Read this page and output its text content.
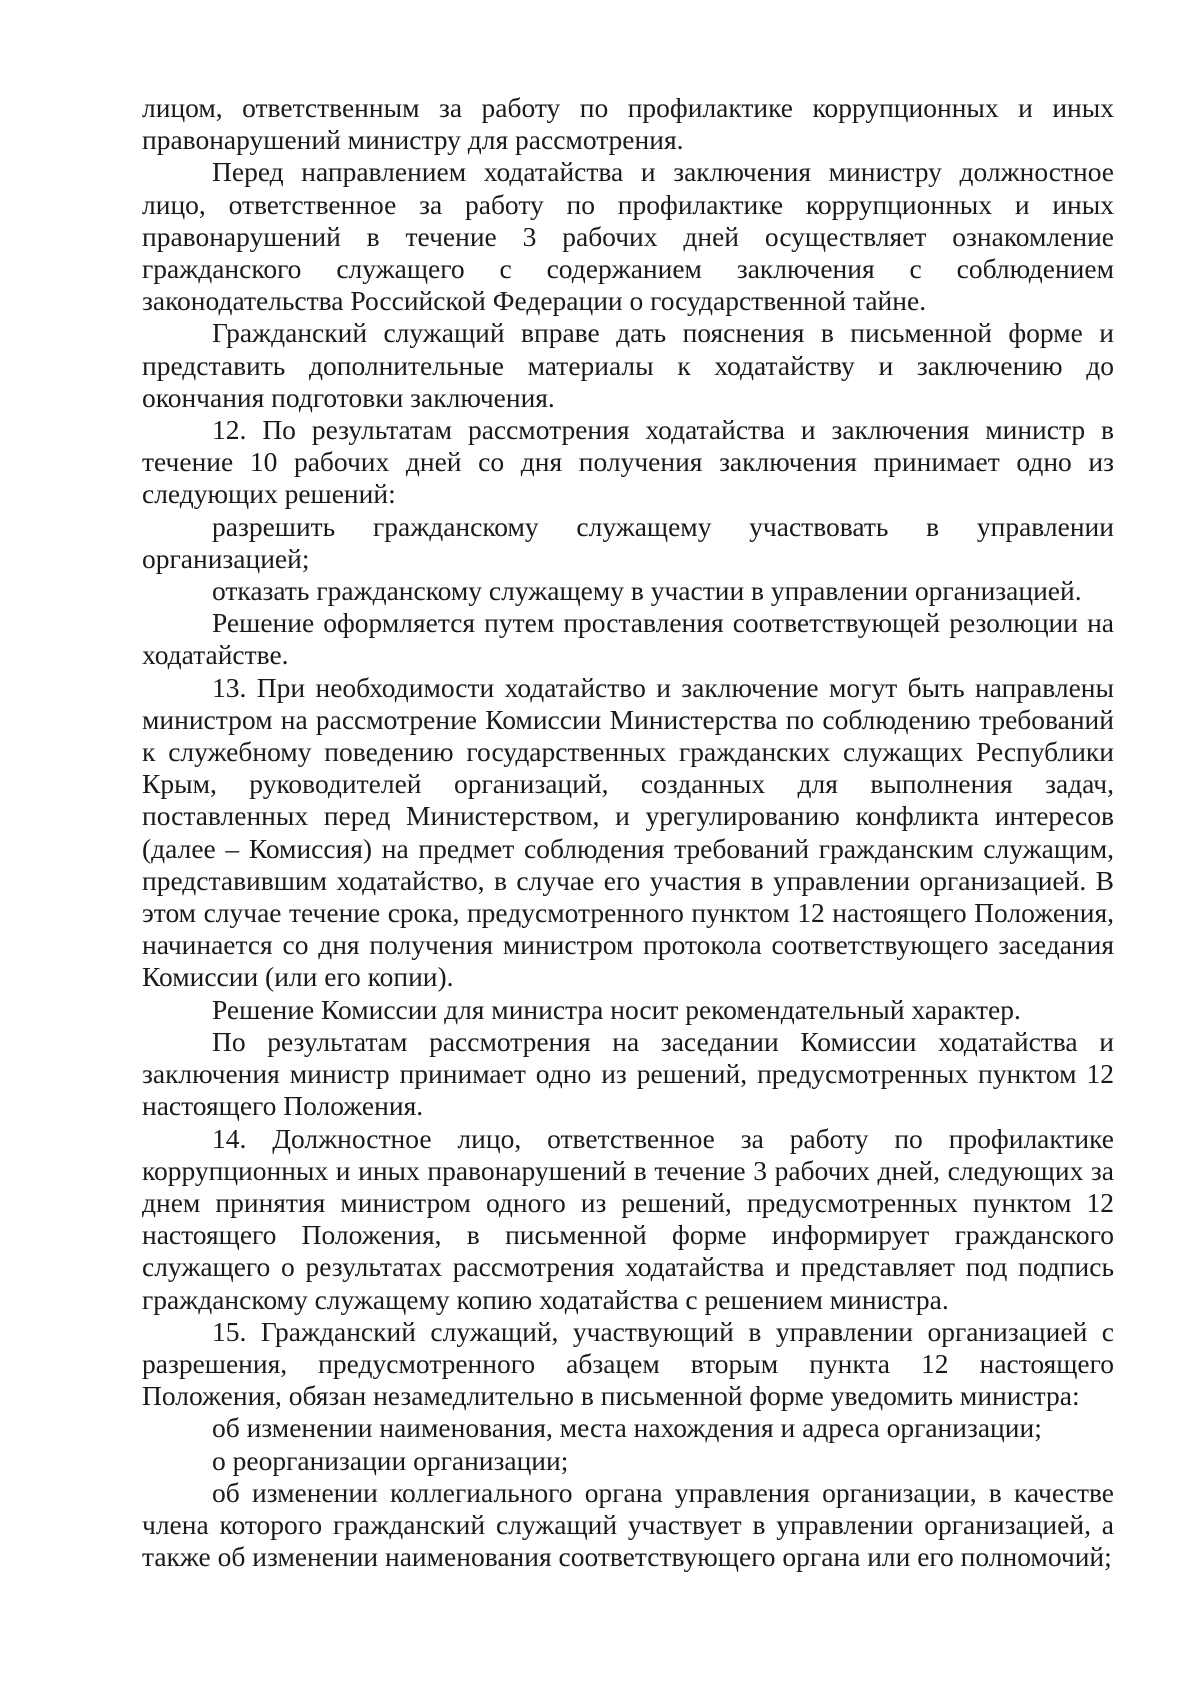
лицом, ответственным за работу по профилактике коррупционных и иных правонарушений министру для рассмотрения.

Перед направлением ходатайства и заключения министру должностное лицо, ответственное за работу по профилактике коррупционных и иных правонарушений в течение 3 рабочих дней осуществляет ознакомление гражданского служащего с содержанием заключения с соблюдением законодательства Российской Федерации о государственной тайне.

Гражданский служащий вправе дать пояснения в письменной форме и представить дополнительные материалы к ходатайству и заключению до окончания подготовки заключения.

12. По результатам рассмотрения ходатайства и заключения министр в течение 10 рабочих дней со дня получения заключения принимает одно из следующих решений:

разрешить гражданскому служащему участвовать в управлении организацией;

отказать гражданскому служащему в участии в управлении организацией.

Решение оформляется путем проставления соответствующей резолюции на ходатайстве.

13. При необходимости ходатайство и заключение могут быть направлены министром на рассмотрение Комиссии Министерства по соблюдению требований к служебному поведению государственных гражданских служащих Республики Крым, руководителей организаций, созданных для выполнения задач, поставленных перед Министерством, и урегулированию конфликта интересов (далее – Комиссия) на предмет соблюдения требований гражданским служащим, представившим ходатайство, в случае его участия в управлении организацией. В этом случае течение срока, предусмотренного пунктом 12 настоящего Положения, начинается со дня получения министром протокола соответствующего заседания Комиссии (или его копии).

Решение Комиссии для министра носит рекомендательный характер.

По результатам рассмотрения на заседании Комиссии ходатайства и заключения министр принимает одно из решений, предусмотренных пунктом 12 настоящего Положения.

14. Должностное лицо, ответственное за работу по профилактике коррупционных и иных правонарушений в течение 3 рабочих дней, следующих за днем принятия министром одного из решений, предусмотренных пунктом 12 настоящего Положения, в письменной форме информирует гражданского служащего о результатах рассмотрения ходатайства и представляет под подпись гражданскому служащему копию ходатайства с решением министра.

15. Гражданский служащий, участвующий в управлении организацией с разрешения, предусмотренного абзацем вторым пункта 12 настоящего Положения, обязан незамедлительно в письменной форме уведомить министра:

об изменении наименования, места нахождения и адреса организации;

о реорганизации организации;

об изменении коллегиального органа управления организации, в качестве члена которого гражданский служащий участвует в управлении организацией, а также об изменении наименования соответствующего органа или его полномочий;
